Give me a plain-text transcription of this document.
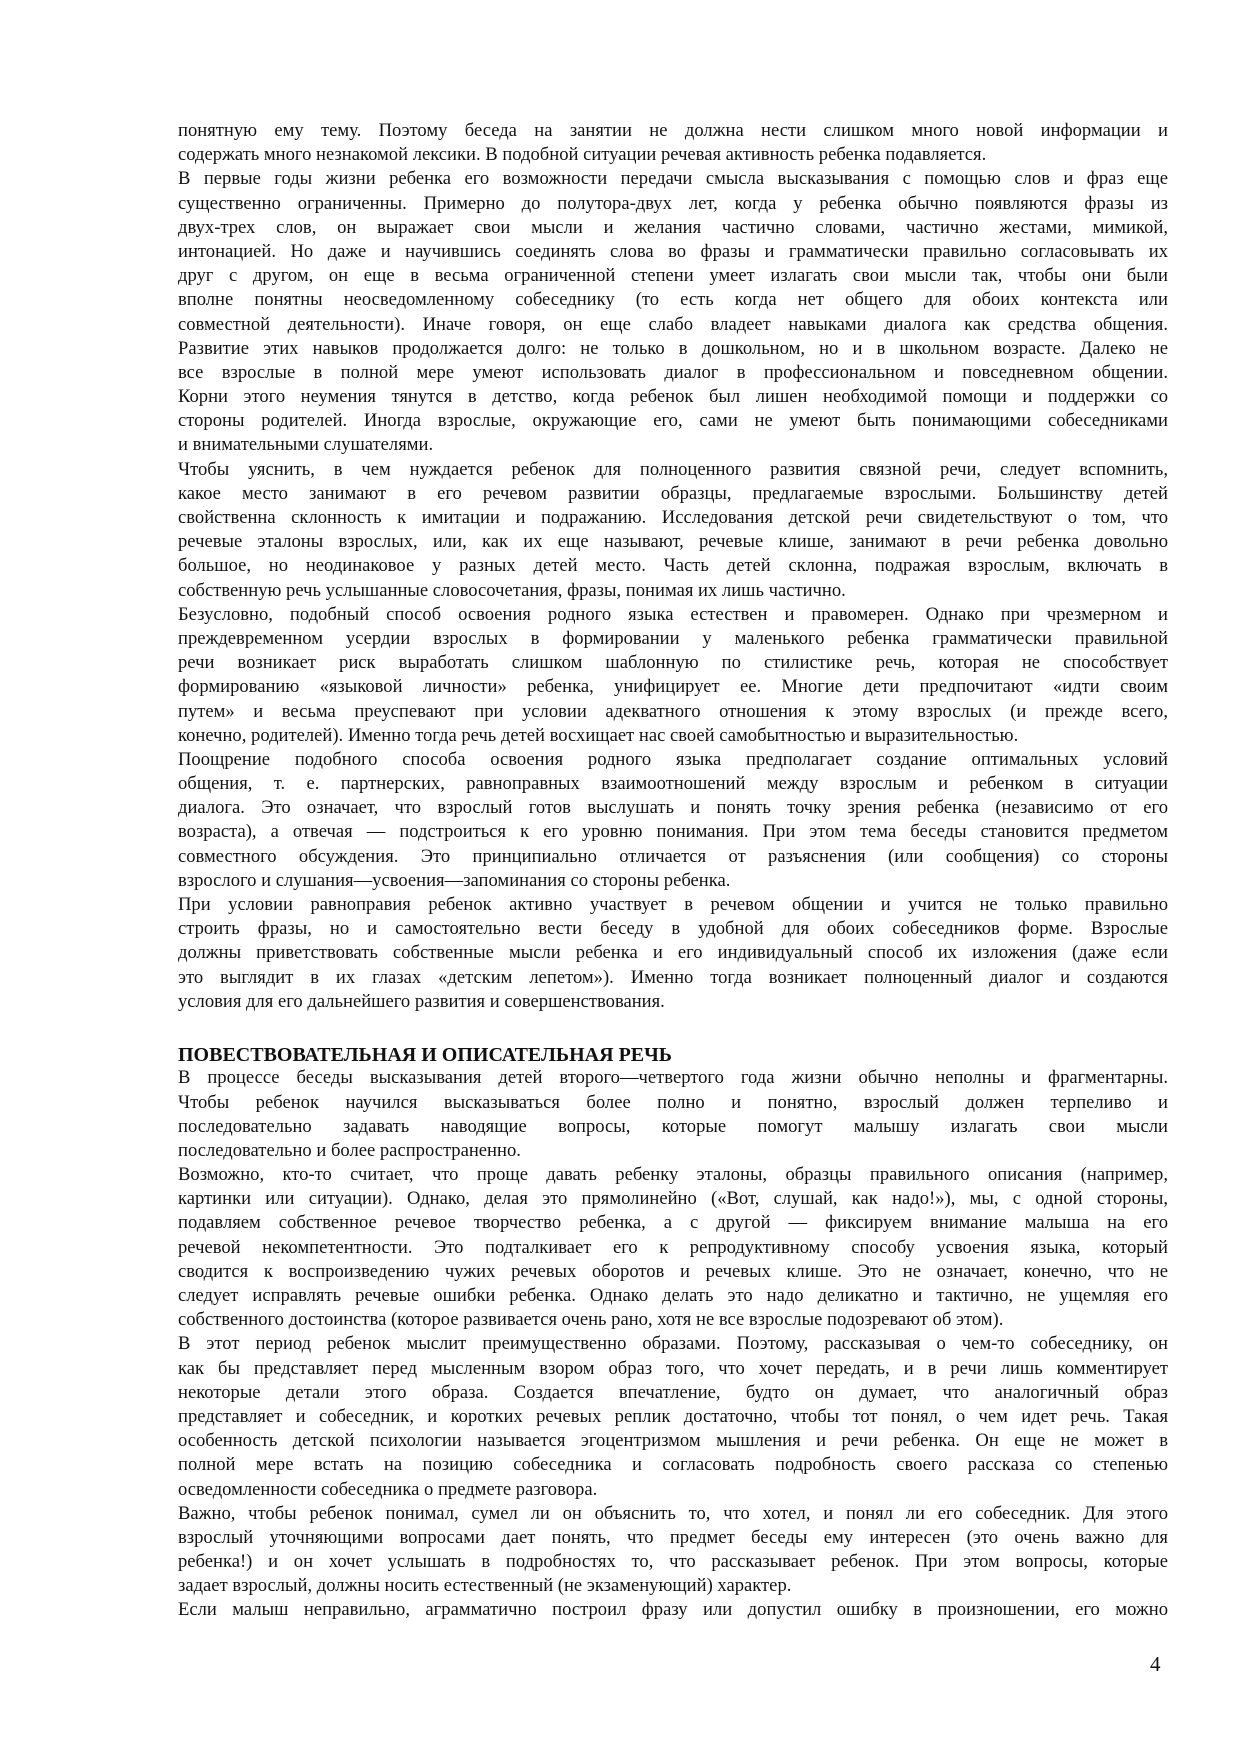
понятную ему тему. Поэтому беседа на занятии не должна нести слишком много новой информации и
содержать много незнакомой лексики. В подобной ситуации речевая активность ребенка подавляется.
В первые годы жизни ребенка его возможности передачи смысла высказывания с помощью слов и фраз еще
существенно ограниченны. Примерно до полутора-двух лет, когда у ребенка обычно появляются фразы из
двух-трех слов, он выражает свои мысли и желания частично словами, частично жестами, мимикой,
интонацией. Но даже и научившись соединять слова во фразы и грамматически правильно согласовывать их
друг с другом, он еще в весьма ограниченной степени умеет излагать свои мысли так, чтобы они были
вполне понятны неосведомленному собеседнику (то есть когда нет общего для обоих контекста или
совместной деятельности). Иначе говоря, он еще слабо владеет навыками диалога как средства общения.
Развитие этих навыков продолжается долго: не только в дошкольном, но и в школьном возрасте. Далеко не
все взрослые в полной мере умеют использовать диалог в профессиональном и повседневном общении.
Корни этого неумения тянутся в детство, когда ребенок был лишен необходимой помощи и поддержки со
стороны родителей. Иногда взрослые, окружающие его, сами не умеют быть понимающими собеседниками
и внимательными слушателями.
Чтобы уяснить, в чем нуждается ребенок для полноценного развития связной речи, следует вспомнить,
какое место занимают в его речевом развитии образцы, предлагаемые взрослыми. Большинству детей
свойственна склонность к имитации и подражанию. Исследования детской речи свидетельствуют о том, что
речевые эталоны взрослых, или, как их еще называют, речевые клише, занимают в речи ребенка довольно
большое, но неодинаковое у разных детей место. Часть детей склонна, подражая взрослым, включать в
собственную речь услышанные словосочетания, фразы, понимая их лишь частично.
Безусловно, подобный способ освоения родного языка естествен и правомерен. Однако при чрезмерном и
преждевременном усердии взрослых в формировании у маленького ребенка грамматически правильной
речи возникает риск выработать слишком шаблонную по стилистике речь, которая не способствует
формированию «языковой личности» ребенка, унифицирует ее. Многие дети предпочитают «идти своим
путем» и весьма преуспевают при условии адекватного отношения к этому взрослых (и прежде всего,
конечно, родителей). Именно тогда речь детей восхищает нас своей самобытностью и выразительностью.
Поощрение подобного способа освоения родного языка предполагает создание оптимальных условий
общения, т. е. партнерских, равноправных взаимоотношений между взрослым и ребенком в ситуации
диалога. Это означает, что взрослый готов выслушать и понять точку зрения ребенка (независимо от его
возраста), а отвечая — подстроиться к его уровню понимания. При этом тема беседы становится предметом
совместного обсуждения. Это принципиально отличается от разъяснения (или сообщения) со стороны
взрослого и слушания—усвоения—запоминания со стороны ребенка.
При условии равноправия ребенок активно участвует в речевом общении и учится не только правильно
строить фразы, но и самостоятельно вести беседу в удобной для обоих собеседников форме. Взрослые
должны приветствовать собственные мысли ребенка и его индивидуальный способ их изложения (даже если
это выглядит в их глазах «детским лепетом»). Именно тогда возникает полноценный диалог и создаются
условия для его дальнейшего развития и совершенствования.
ПОВЕСТВОВАТЕЛЬНАЯ И ОПИСАТЕЛЬНАЯ РЕЧЬ
В процессе беседы высказывания детей второго—четвертого года жизни обычно неполны и фрагментарны.
Чтобы ребенок научился высказываться более полно и понятно, взрослый должен терпеливо и
последовательно задавать наводящие вопросы, которые помогут малышу излагать свои мысли
последовательно и более распространенно.
Возможно, кто-то считает, что проще давать ребенку эталоны, образцы правильного описания (например,
картинки или ситуации). Однако, делая это прямолинейно («Вот, слушай, как надо!»), мы, с одной стороны,
подавляем собственное речевое творчество ребенка, а с другой — фиксируем внимание малыша на его
речевой некомпетентности. Это подталкивает его к репродуктивному способу усвоения языка, который
сводится к воспроизведению чужих речевых оборотов и речевых клише. Это не означает, конечно, что не
следует исправлять речевые ошибки ребенка. Однако делать это надо деликатно и тактично, не ущемляя его
собственного достоинства (которое развивается очень рано, хотя не все взрослые подозревают об этом).
В этот период ребенок мыслит преимущественно образами. Поэтому, рассказывая о чем-то собеседнику, он
как бы представляет перед мысленным взором образ того, что хочет передать, и в речи лишь комментирует
некоторые детали этого образа. Создается впечатление, будто он думает, что аналогичный образ
представляет и собеседник, и коротких речевых реплик достаточно, чтобы тот понял, о чем идет речь. Такая
особенность детской психологии называется эгоцентризмом мышления и речи ребенка. Он еще не может в
полной мере встать на позицию собеседника и согласовать подробность своего рассказа со степенью
осведомленности собеседника о предмете разговора.
Важно, чтобы ребенок понимал, сумел ли он объяснить то, что хотел, и понял ли его собеседник. Для этого
взрослый уточняющими вопросами дает понять, что предмет беседы ему интересен (это очень важно для
ребенка!) и он хочет услышать в подробностях то, что рассказывает ребенок. При этом вопросы, которые
задает взрослый, должны носить естественный (не экзаменующий) характер.
Если малыш неправильно, аграмматично построил фразу или допустил ошибку в произношении, его можно
4
